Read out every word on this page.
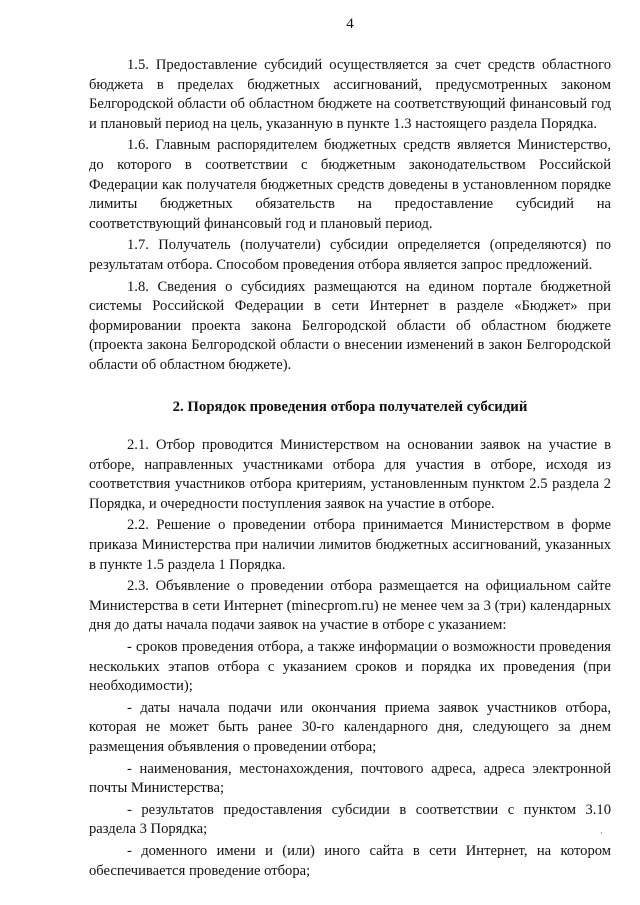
4

1.5. Предоставление субсидий осуществляется за счет средств областного бюджета в пределах бюджетных ассигнований, предусмотренных законом Белгородской области об областном бюджете на соответствующий финансовый год и плановый период на цель, указанную в пункте 1.3 настоящего раздела Порядка.

1.6. Главным распорядителем бюджетных средств является Министерство, до которого в соответствии с бюджетным законодательством Российской Федерации как получателя бюджетных средств доведены в установленном порядке лимиты бюджетных обязательств на предоставление субсидий на соответствующий финансовый год и плановый период.

1.7. Получатель (получатели) субсидии определяется (определяются) по результатам отбора. Способом проведения отбора является запрос предложений.

1.8. Сведения о субсидиях размещаются на едином портале бюджетной системы Российской Федерации в сети Интернет в разделе «Бюджет» при формировании проекта закона Белгородской области об областном бюджете (проекта закона Белгородской области о внесении изменений в закон Белгородской области об областном бюджете).

2. Порядок проведения отбора получателей субсидий

2.1. Отбор проводится Министерством на основании заявок на участие в отборе, направленных участниками отбора для участия в отборе, исходя из соответствия участников отбора критериям, установленным пунктом 2.5 раздела 2 Порядка, и очередности поступления заявок на участие в отборе.

2.2. Решение о проведении отбора принимается Министерством в форме приказа Министерства при наличии лимитов бюджетных ассигнований, указанных в пункте 1.5 раздела 1 Порядка.

2.3. Объявление о проведении отбора размещается на официальном сайте Министерства в сети Интернет (minecprom.ru) не менее чем за 3 (три) календарных дня до даты начала подачи заявок на участие в отборе с указанием:

- сроков проведения отбора, а также информации о возможности проведения нескольких этапов отбора с указанием сроков и порядка их проведения (при необходимости);

- даты начала подачи или окончания приема заявок участников отбора, которая не может быть ранее 30-го календарного дня, следующего за днем размещения объявления о проведении отбора;

- наименования, местонахождения, почтового адреса, адреса электронной почты Министерства;

- результатов предоставления субсидии в соответствии с пунктом 3.10 раздела 3 Порядка;

- доменного имени и (или) иного сайта в сети Интернет, на котором обеспечивается проведение отбора;

‚
